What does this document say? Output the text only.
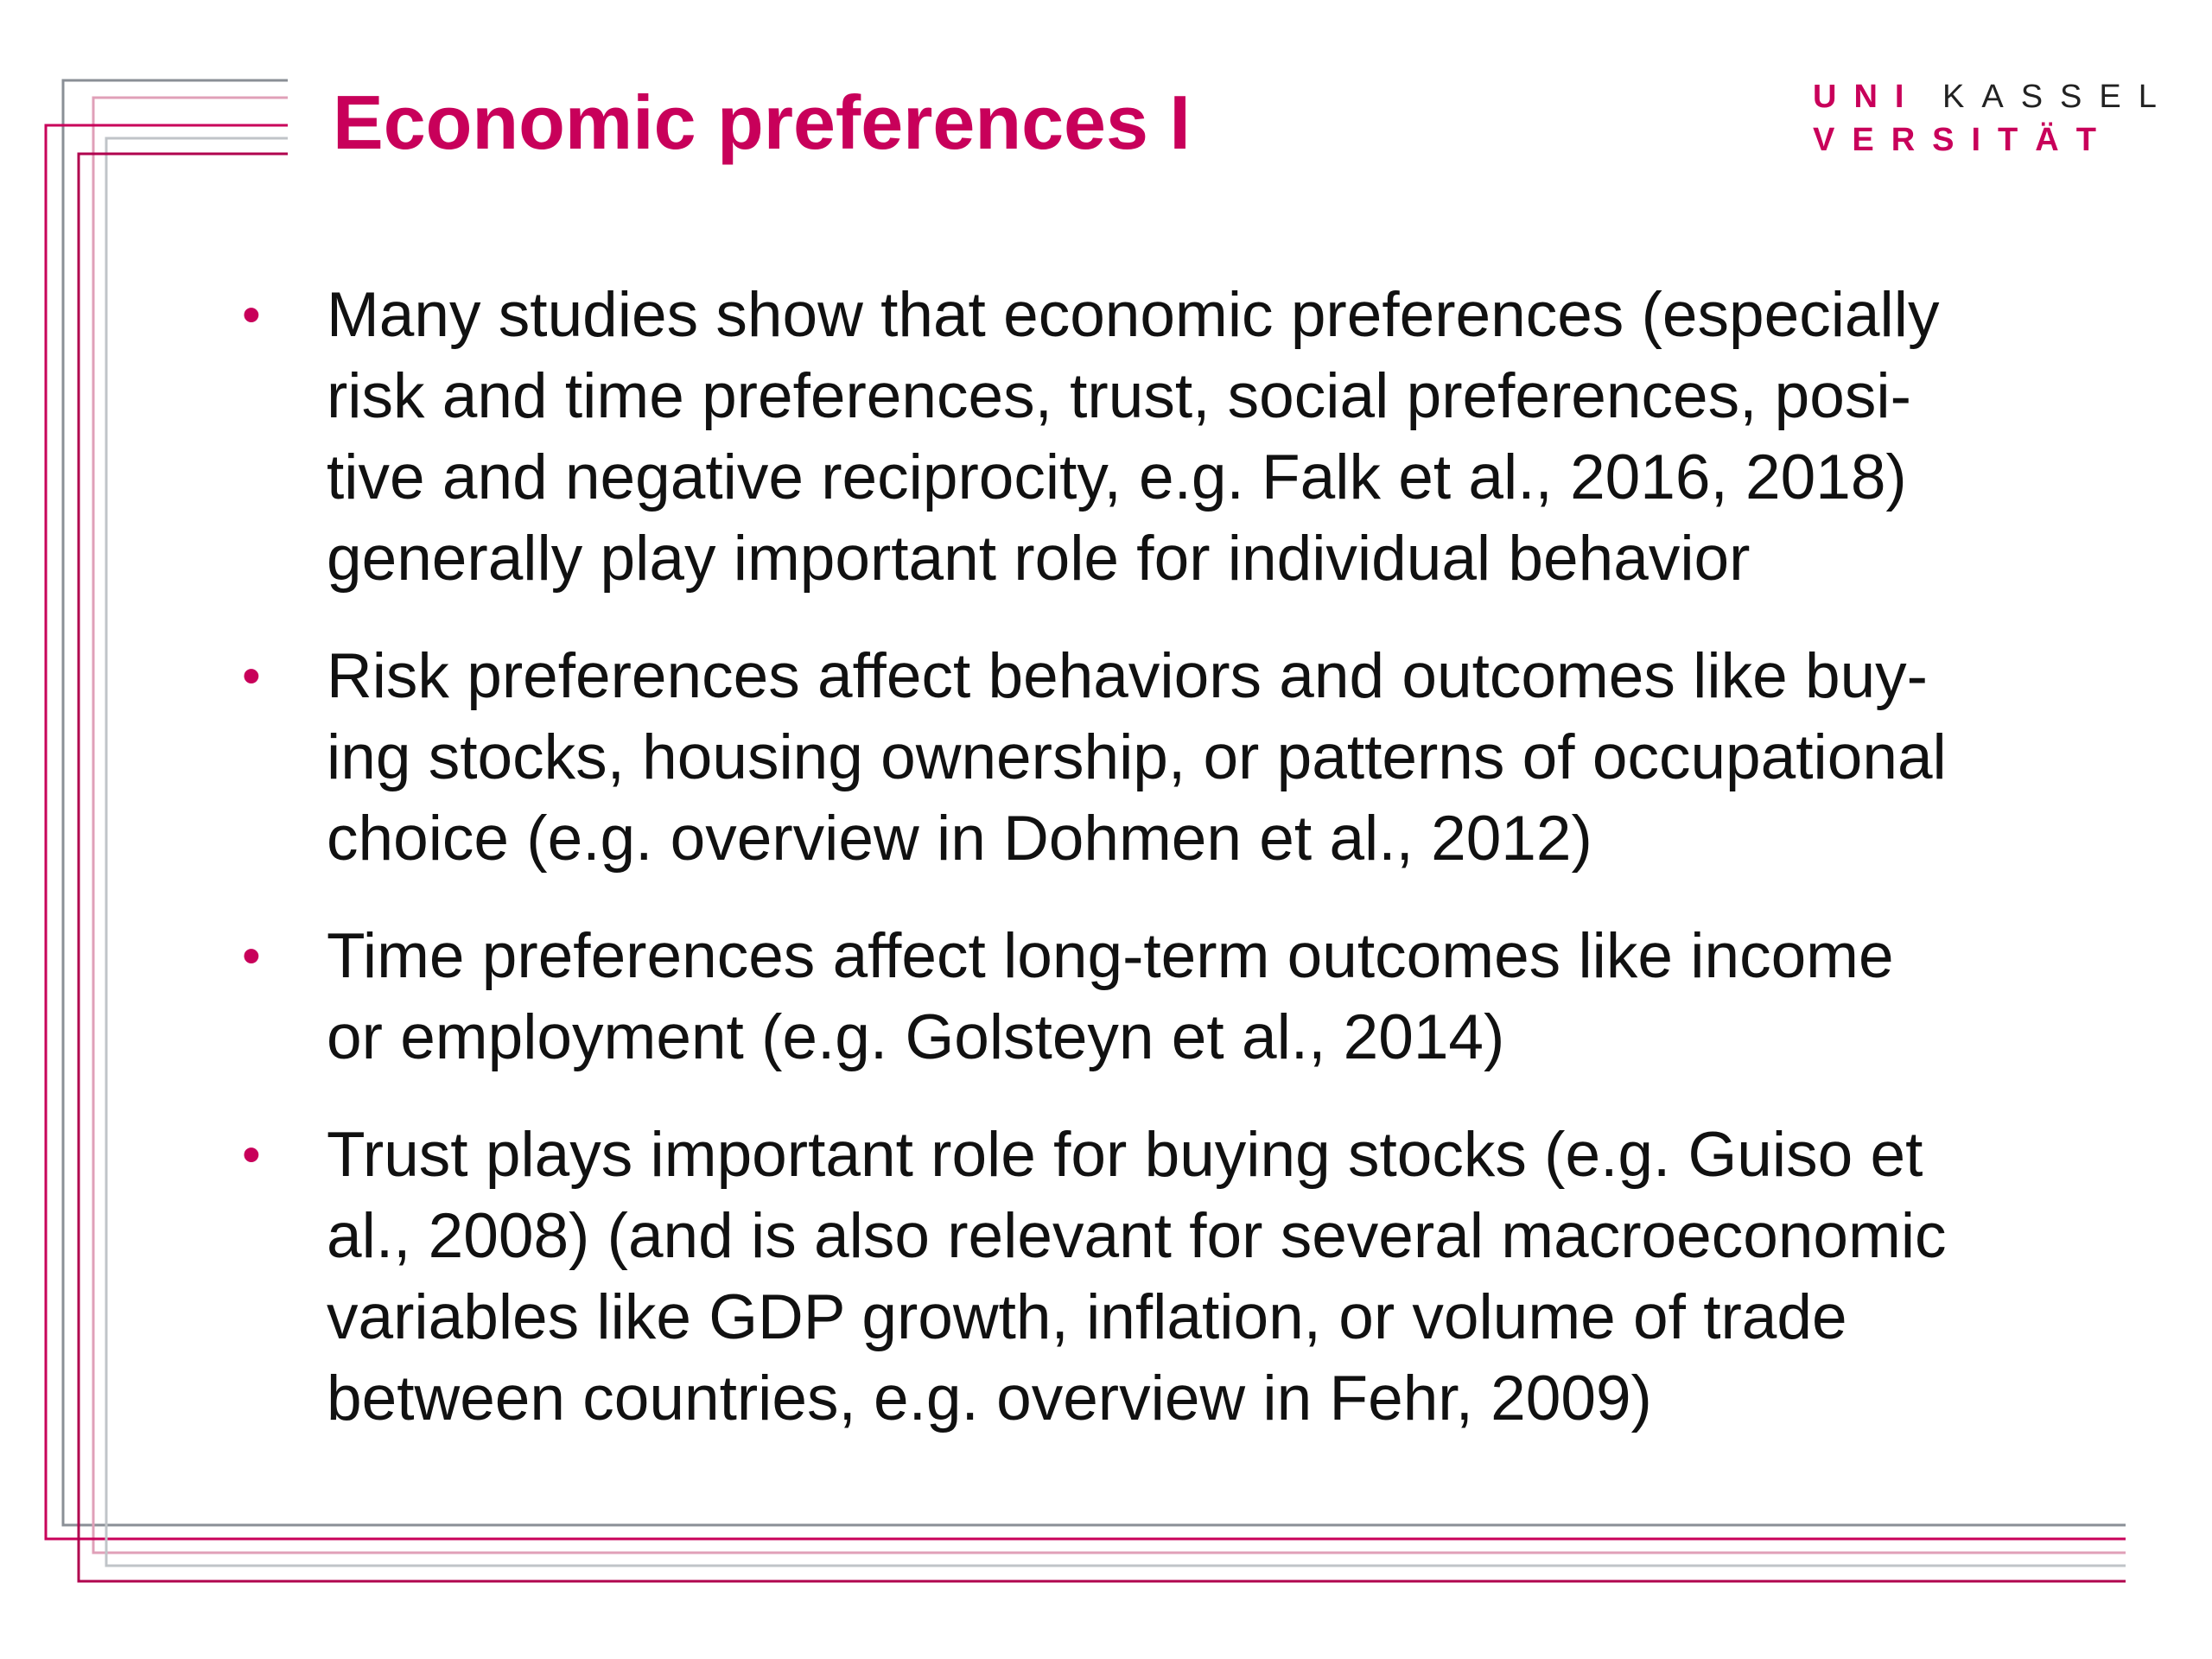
Economic preferences I	UNI KASSEL
VERSITÄT
• Many studies show that economic preferences (especially
risk and time preferences, trust, social preferences, posi-
tive and negative reciprocity, e.g. Falk et al., 2016, 2018)
generally play important role for individual behavior
• Risk preferences affect behaviors and outcomes like buy-
ing stocks, housing ownership, or patterns of occupational
choice (e.g. overview in Dohmen et al., 2012)
• Time preferences affect long-term outcomes like income
or employment (e.g. Golsteyn et al., 2014)
• Trust plays important role for buying stocks (e.g. Guiso et
al., 2008) (and is also relevant for several macroeconomic
variables like GDP growth, inflation, or volume of trade
between countries, e.g. overview in Fehr, 2009)
